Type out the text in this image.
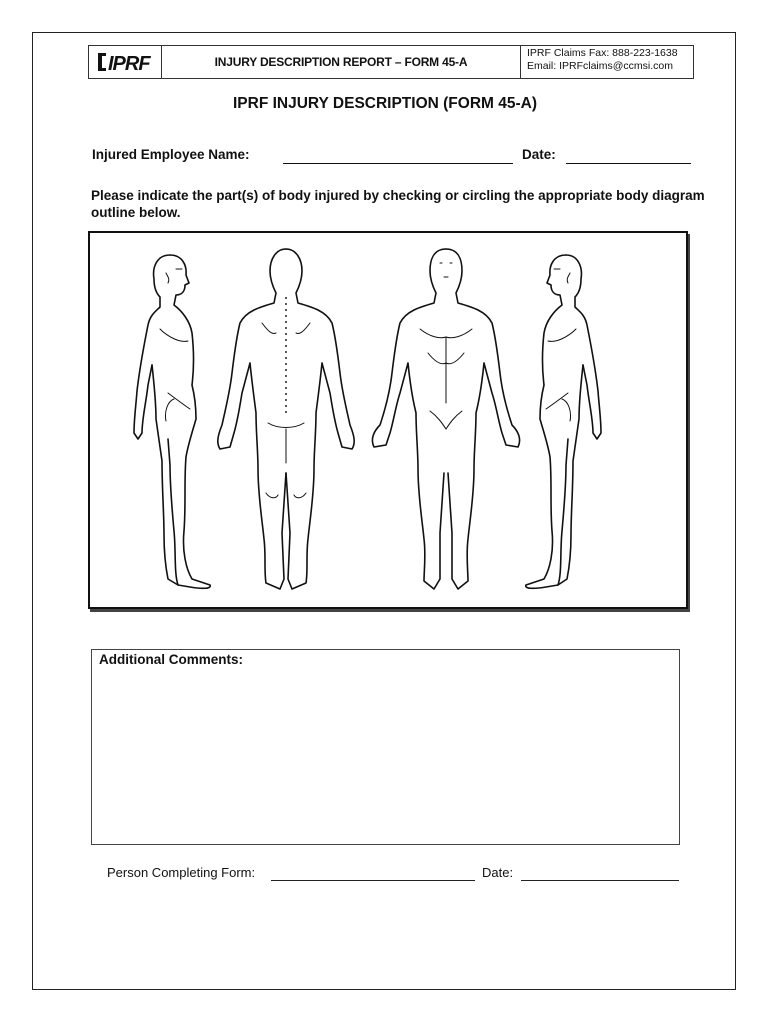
IPRF	INJURY DESCRIPTION REPORT – FORM 45-A
IPRF Claims Fax: 888-223-1638
Email: IPRFclaims@ccmsi.com
IPRF INJURY DESCRIPTION (FORM 45-A)
Injured Employee Name:	Date:
Please indicate the part(s) of body injured by checking or circling the appropriate body diagram outline below.
Additional Comments:
Person Completing Form:	Date:
